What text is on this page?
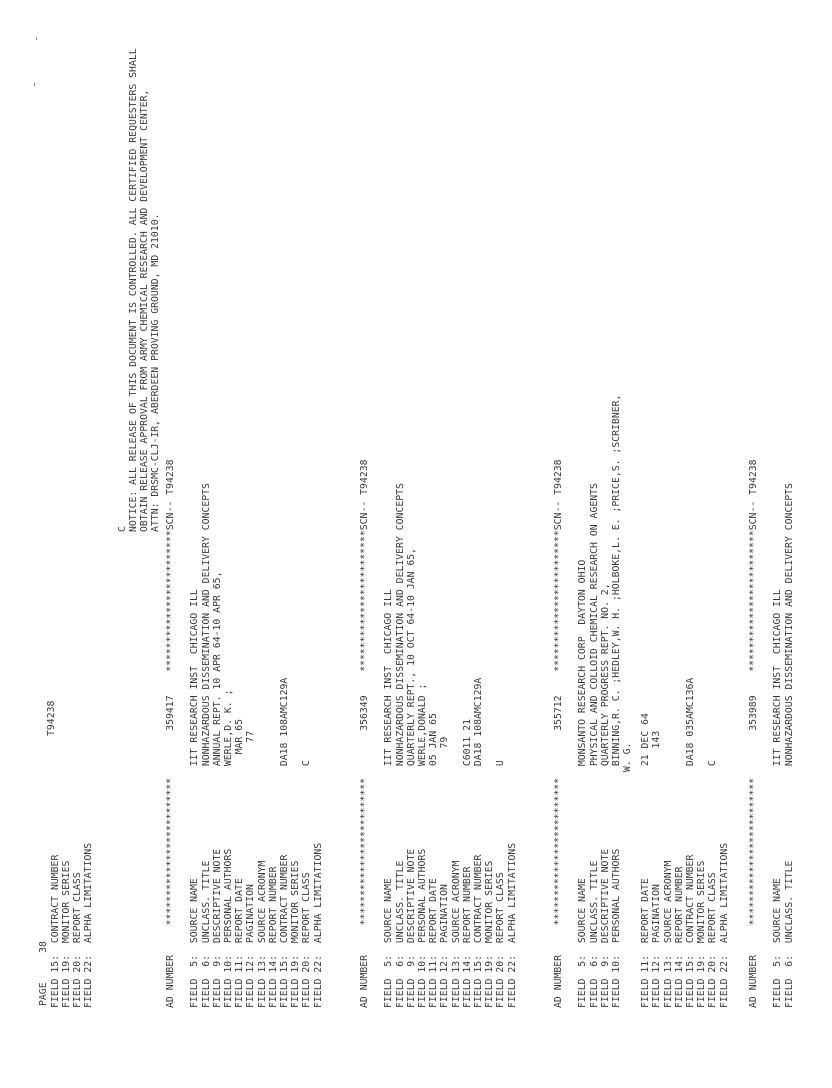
PAGE     38
T94238
FIELD 15:  CONTRACT NUMBER FIELD 19:  MONITOR SERIES FIELD 20:  REPORT CLASS FIELD 22:  ALPHA LIMITATIONS
C NOTICE: ALL RELEASE OF THIS DOCUMENT IS CONTROLLED. ALL CERTIFIED REQUESTERS SHALL OBTAIN RELEASE APPROVAL FROM ARMY CHEMICAL RESEARCH AND DEVELOPMENT CENTER, ATTN: DRSMC-CLJ-IR, ABERDEEN PROVING GROUND, MD 21010.
AD NUMBER     *************************        359417    ************************SCN-- T94238 FIELD  5:  SOURCE NAME                   IIT RESEARCH INST  CHICAGO ILL FIELD  6:  UNCLASS. TITLE                NONHAZARDOUS DISSEMINATION AND DELIVERY CONCEPTS FIELD  9:  DESCRIPTIVE NOTE              ANNUAL REPT. 10 APR 64-10 APR 65, FIELD 10:  PERSONAL AUTHORS              WERLE,D. K. ; FIELD 11:  REPORT DATE                     MAR 65 FIELD 12:  PAGINATION                        77 FIELD 13:  SOURCE ACRONYM FIELD 14:  REPORT NUMBER FIELD 15:  CONTRACT NUMBER               DA18 108AMC129A FIELD 19:  MONITOR SERIES FIELD 20:  REPORT CLASS                  C FIELD 22:  ALPHA LIMITATIONS	AD NUMBER     *************************        356349    ************************SCN-- T94238 FIELD  5:  SOURCE NAME                   IIT RESEARCH INST  CHICAGO ILL FIELD  6:  UNCLASS. TITLE                NONHAZARDOUS DISSEMINATION AND DELIVERY CONCEPTS FIELD  9:  DESCRIPTIVE NOTE              QUARTERLY REPT., 10 OCT 64-10 JAN 65, FIELD 10:  PERSONAL AUTHORS              WERLE,DONALD ; FIELD 11:  REPORT DATE                   05 JAN 65 FIELD 12:  PAGINATION                       79 FIELD 13:  SOURCE ACRONYM FIELD 14:  REPORT NUMBER                 C6011 21 FIELD 15:  CONTRACT NUMBER               DA18 108AMC129A FIELD 19:  MONITOR SERIES FIELD 20:  REPORT CLASS                  U FIELD 22:  ALPHA LIMITATIONS	AD NUMBER     *************************        355712    ************************SCN-- T94238 FIELD  5:  SOURCE NAME                   MONSANTO RESEARCH CORP  DAYTON OHIO FIELD  6:  UNCLASS. TITLE                PHYSICAL AND COLLOID CHEMICAL RESEARCH ON AGENTS FIELD  9:  DESCRIPTIVE NOTE              QUARTERLY PROGRESS REPT. NO. 2, FIELD 10:  PERSONAL AUTHORS              BINNING,R. C. ;HEDLEY,W. H. ;HOLBOKE,L. E. ;PRICE,S. ;SCRIBNER, W. G. FIELD 11:  REPORT DATE                   21 DEC 64 FIELD 12:  PAGINATION                       143 FIELD 13:  SOURCE ACRONYM FIELD 14:  REPORT NUMBER FIELD 15:  CONTRACT NUMBER               DA18 035AMC136A FIELD 19:  MONITOR SERIES FIELD 20:  REPORT CLASS                  C FIELD 22:  ALPHA LIMITATIONS AD NUMBER     *************************        353989    ************************SCN-- T94238 FIELD  5:  SOURCE NAME                   IIT RESEARCH INST  CHICAGO ILL FIELD  6:  UNCLASS. TITLE                NONHAZARDOUS DISSEMINATION AND DELIVERY CONCEPTS
